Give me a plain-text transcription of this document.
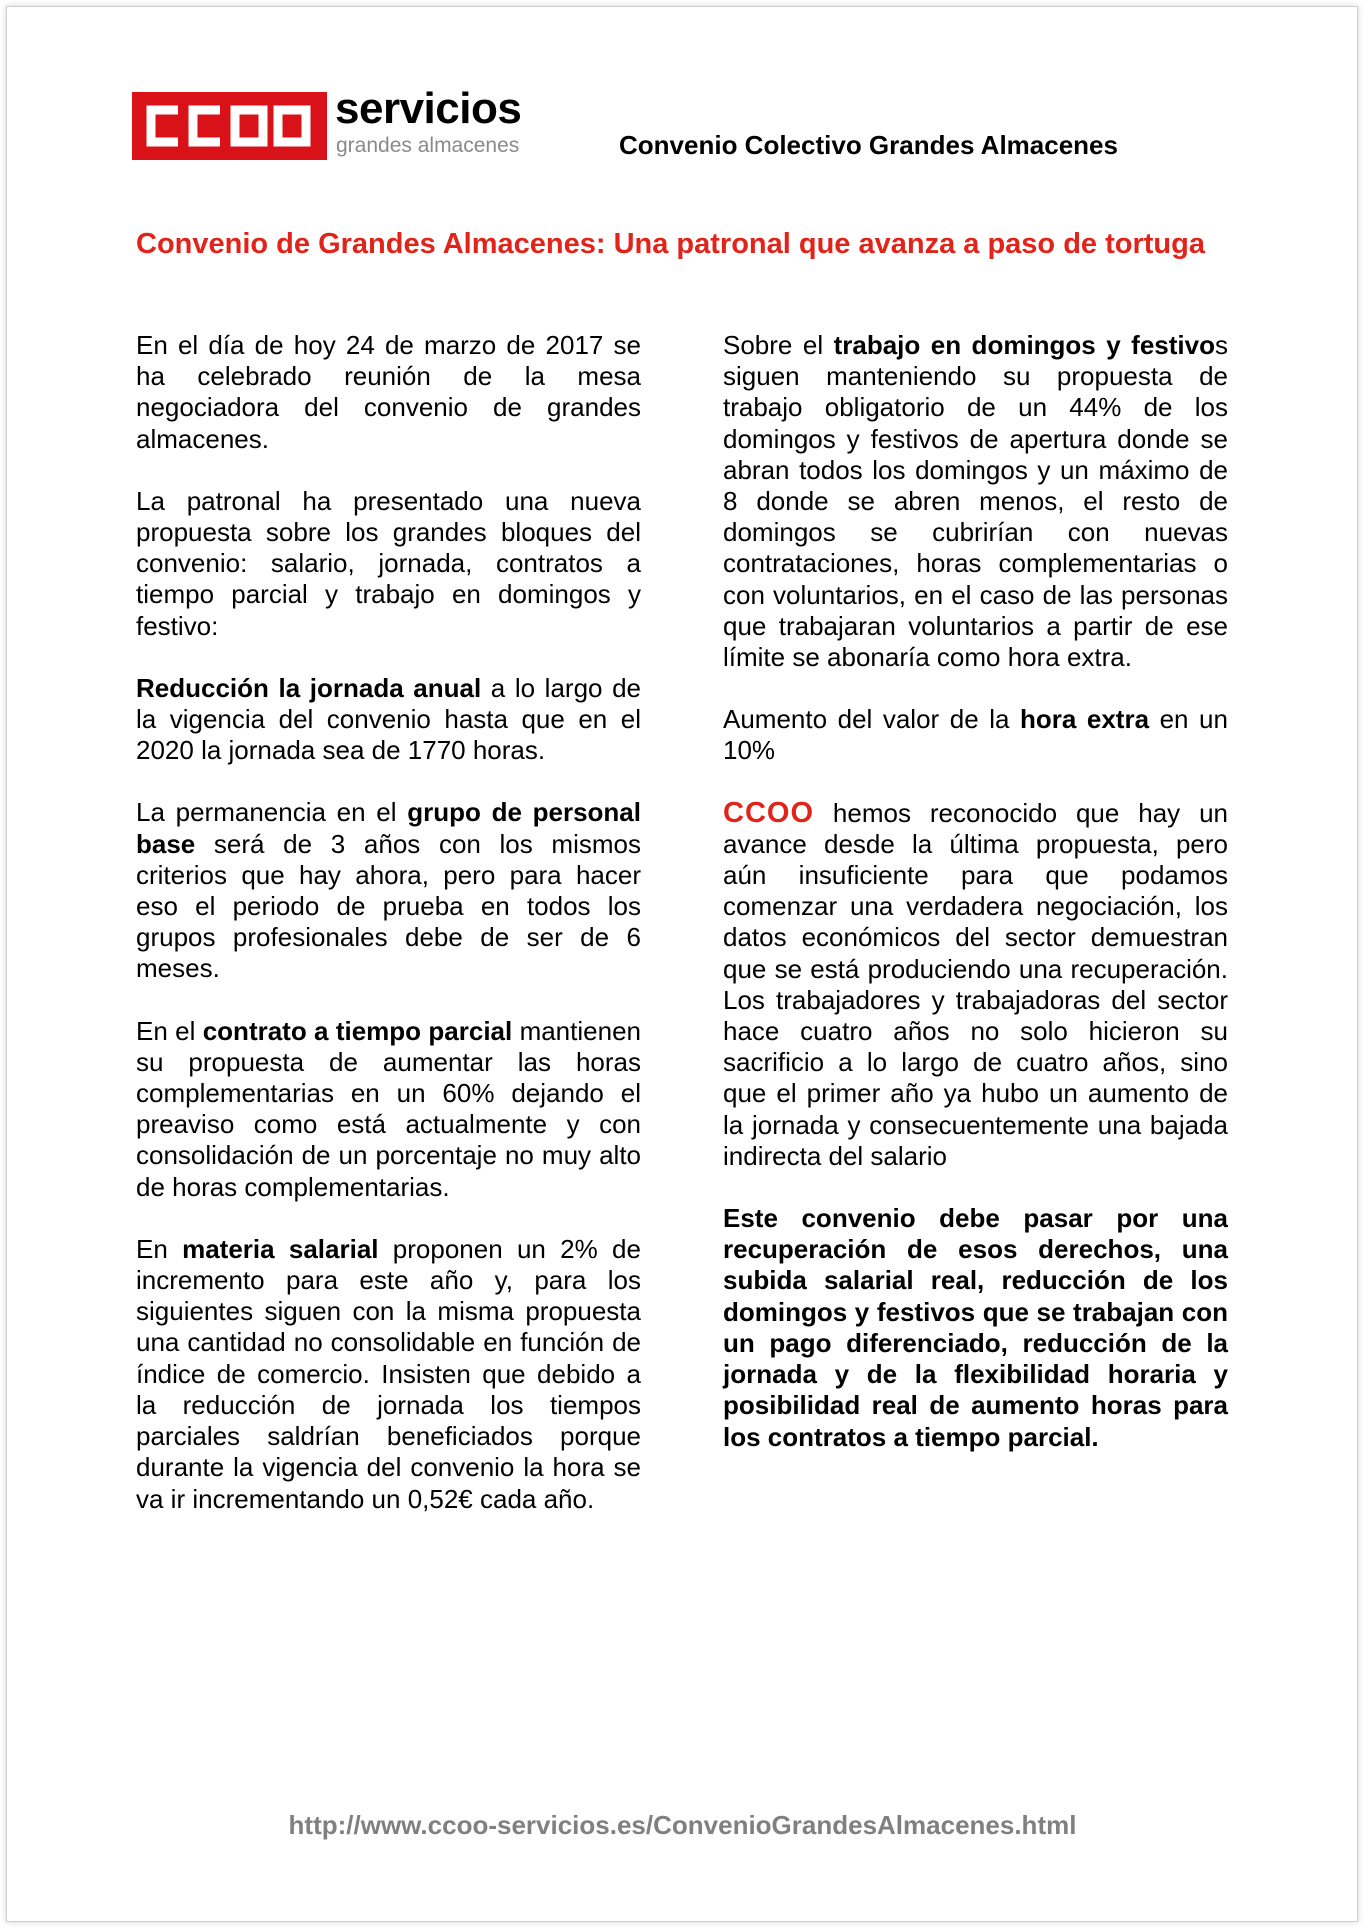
servicios
grandes almacenes	Convenio Colectivo Grandes Almacenes
Convenio de Grandes Almacenes: Una patronal que avanza a paso de tortuga

En el día de hoy 24 de marzo de 2017 se ha celebrado reunión de la mesa negociadora del convenio de grandes almacenes.

La patronal ha presentado una nueva propuesta sobre los grandes bloques del convenio: salario, jornada, contratos a tiempo parcial y trabajo en domingos y festivo:

Reducción la jornada anual a lo largo de la vigencia del convenio hasta que en el 2020 la jornada sea de 1770 horas.

La permanencia en el grupo de personal base será de 3 años con los mismos criterios que hay ahora, pero para hacer eso el periodo de prueba en todos los grupos profesionales debe de ser de 6 meses.

En el contrato a tiempo parcial mantienen su propuesta de aumentar las horas complementarias en un 60% dejando el preaviso como está actualmente y con consolidación de un porcentaje no muy alto de horas complementarias.

En materia salarial proponen un 2% de incremento para este año y, para los siguientes siguen con la misma propuesta una cantidad no consolidable en función de índice de comercio. Insisten que debido a la reducción de jornada los tiempos parciales saldrían beneficiados porque durante la vigencia del convenio la hora se va ir incrementando un 0,52€ cada año.

Sobre el trabajo en domingos y festivos siguen manteniendo su propuesta de trabajo obligatorio de un 44% de los domingos y festivos de apertura donde se abran todos los domingos y un máximo de 8 donde se abren menos, el resto de domingos se cubrirían con nuevas contrataciones, horas complementarias o con voluntarios, en el caso de las personas que trabajaran voluntarios a partir de ese límite se abonaría como hora extra.

Aumento del valor de la hora extra en un 10%

CCOO hemos reconocido que hay un avance desde la última propuesta, pero aún insuficiente para que podamos comenzar una verdadera negociación, los datos económicos del sector demuestran que se está produciendo una recuperación. Los trabajadores y trabajadoras del sector hace cuatro años no solo hicieron su sacrificio a lo largo de cuatro años, sino que el primer año ya hubo un aumento de la jornada y consecuentemente una bajada indirecta del salario

Este convenio debe pasar por una recuperación de esos derechos, una subida salarial real, reducción de los domingos y festivos que se trabajan con un pago diferenciado, reducción de la jornada y de la flexibilidad horaria y posibilidad real de aumento horas para los contratos a tiempo parcial.

http://www.ccoo-servicios.es/ConvenioGrandesAlmacenes.html
